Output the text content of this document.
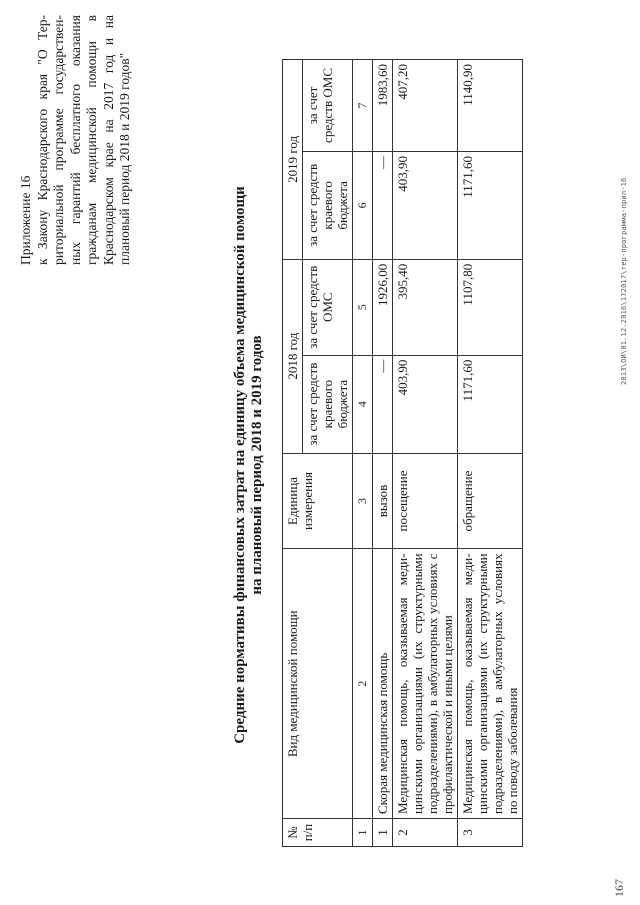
Приложение 16 к Закону Краснодарского края "О Тер-риториальной программе государствен-ных гарантий бесплатного оказания гражданам медицинской помощи в Краснодарском крае на 2017 год и на плановый период 2018 и 2019 годов"

Средние нормативы финансовых затрат на единицу объема медицинской помощи на плановый период 2018 и 2019 годов
№ п/п	Вид медицинской помощи	Единица измерения	2018 год		2019 год	
			за счет средств краевого бюджета	за счет средств ОМС	за счет средств краевого бюджета	за счет средств ОМС
1	2	3	4	5	6	7
1	Скорая медицинская помощь	вызов	—	1926,00	—	1983,60
2	Медицинская помощь, оказываемая меди-цинскими организациями (их структурными подразделениями), в амбулаторных условиях с профилактической и иными целями	посещение	403,90	395,40	403,90	407,20
3	Медицинская помощь, оказываемая меди-цинскими организациями (их структурными подразделениями), в амбулаторных условиях по поводу заболевания	обращение	1171,60	1107,80	1171,60	1140,90
2013\ОИ\01.12.2016\172017\тер-программа-прил-16
167
